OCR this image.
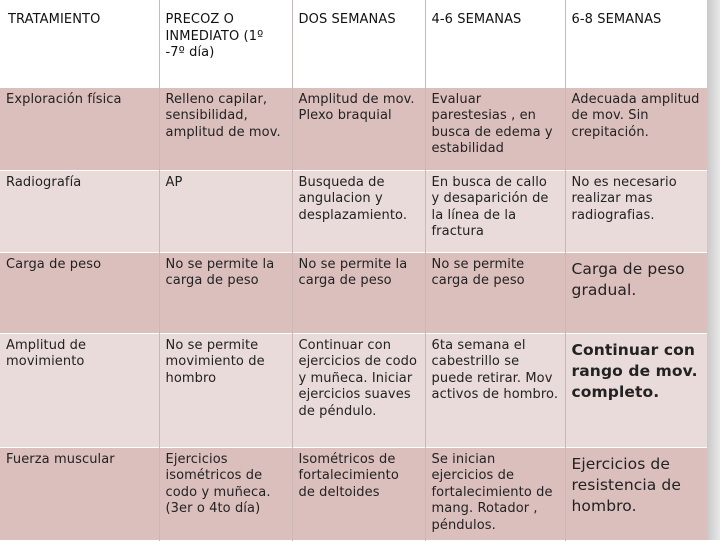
TRATAMIENTO	PRECOZ O INMEDIATO (1º -7º día)	DOS SEMANAS	4-6 SEMANAS	6-8 SEMANAS
Exploración física	Relleno capilar, sensibilidad, amplitud de mov.	Amplitud de mov. Plexo braquial	Evaluar parestesias , en busca de edema y estabilidad	Adecuada amplitud de mov. Sin crepitación.
Radiografía	AP	Busqueda de angulacion y desplazamiento.	En busca de callo y desaparición de la línea de la fractura	No es necesario realizar mas radiografias.
Carga de peso	No se permite la carga de peso	No se permite la carga de peso	No se permite carga de peso	Carga de peso gradual.
Amplitud de movimiento	No se permite movimiento de hombro	Continuar con ejercicios de codo y muñeca. Iniciar ejercicios suaves de péndulo.	6ta semana el cabestrillo se puede retirar. Mov activos de hombro.	Continuar con rango de mov. completo.
Fuerza muscular	Ejercicios isométricos de codo y muñeca. (3er o 4to día)	Isométricos de fortalecimiento de deltoides	Se inician ejercicios de fortalecimiento de mang. Rotador , péndulos.	Ejercicios de resistencia de hombro.
